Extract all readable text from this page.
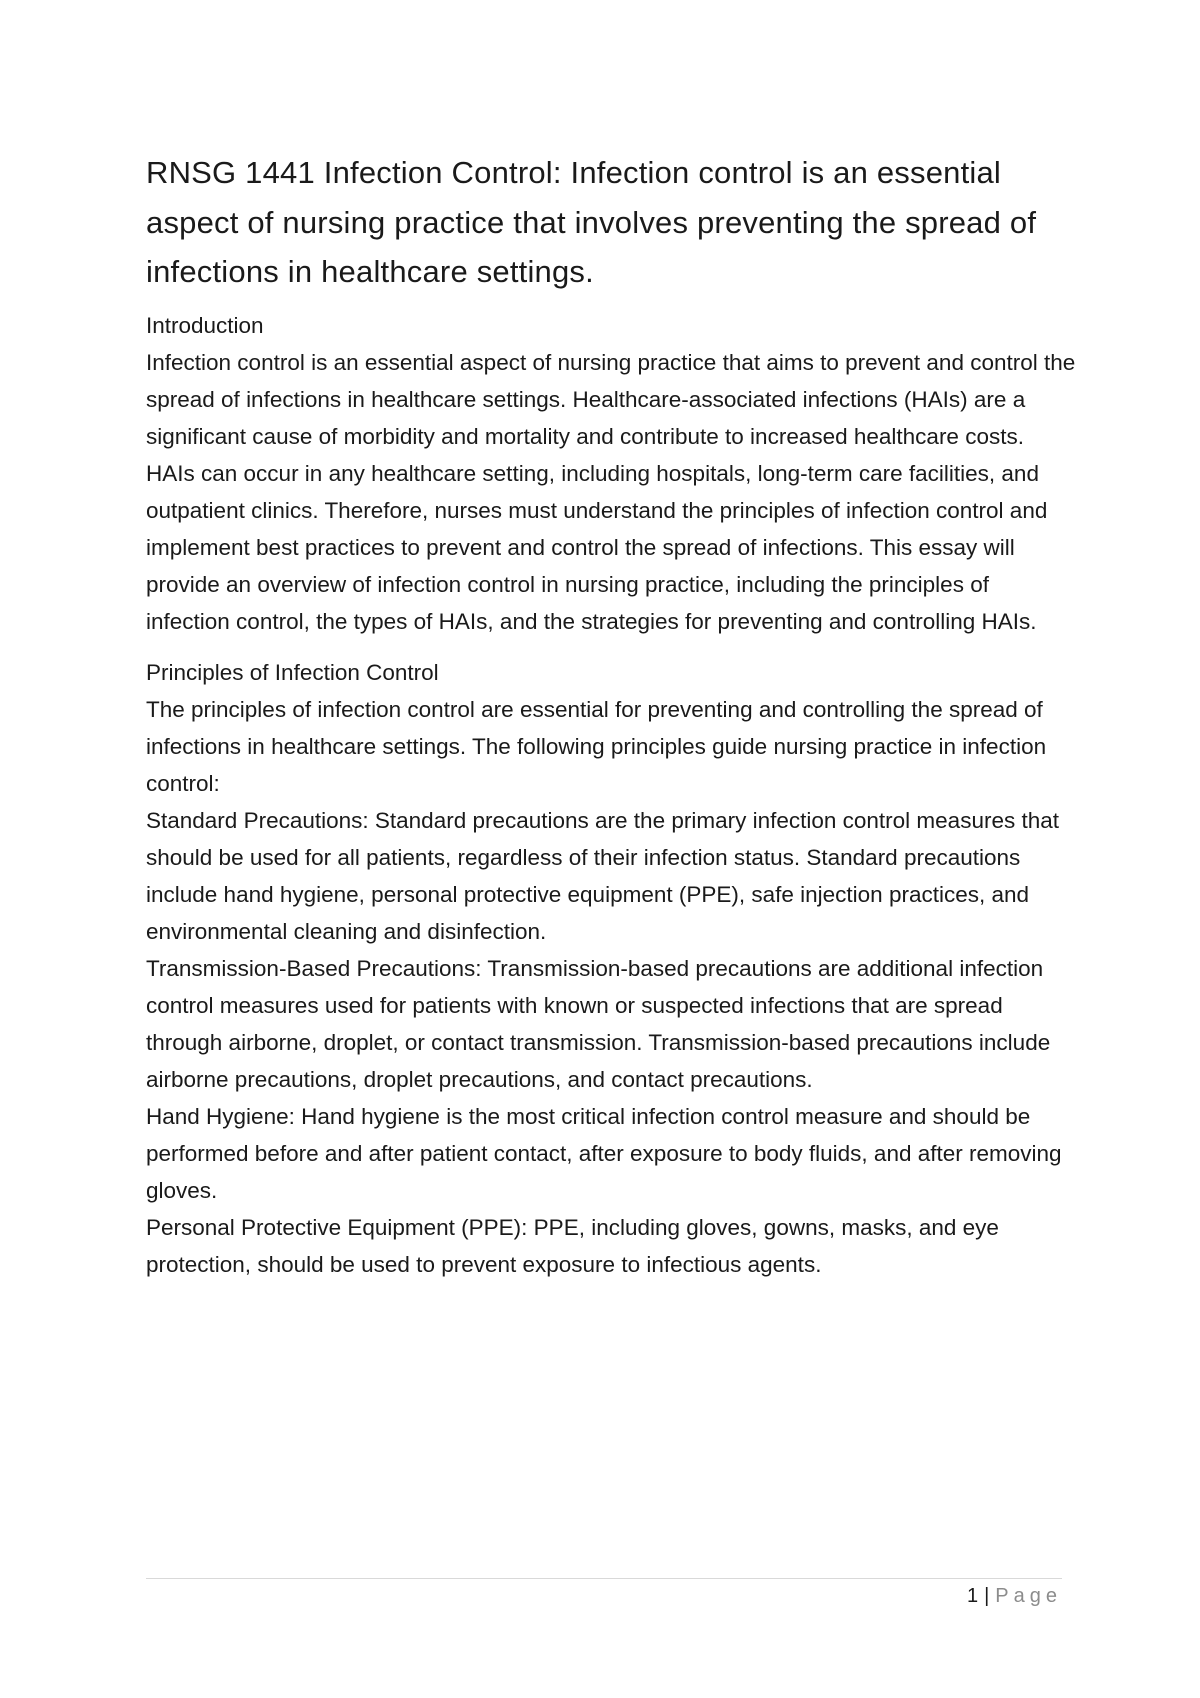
RNSG 1441 Infection Control: Infection control is an essential aspect of nursing practice that involves preventing the spread of infections in healthcare settings.
Introduction

Infection control is an essential aspect of nursing practice that aims to prevent and control the spread of infections in healthcare settings. Healthcare-associated infections (HAIs) are a significant cause of morbidity and mortality and contribute to increased healthcare costs. HAIs can occur in any healthcare setting, including hospitals, long-term care facilities, and outpatient clinics. Therefore, nurses must understand the principles of infection control and implement best practices to prevent and control the spread of infections. This essay will provide an overview of infection control in nursing practice, including the principles of infection control, the types of HAIs, and the strategies for preventing and controlling HAIs.

Principles of Infection Control

The principles of infection control are essential for preventing and controlling the spread of infections in healthcare settings. The following principles guide nursing practice in infection control:

Standard Precautions: Standard precautions are the primary infection control measures that should be used for all patients, regardless of their infection status. Standard precautions include hand hygiene, personal protective equipment (PPE), safe injection practices, and environmental cleaning and disinfection.

Transmission-Based Precautions: Transmission-based precautions are additional infection control measures used for patients with known or suspected infections that are spread through airborne, droplet, or contact transmission. Transmission-based precautions include airborne precautions, droplet precautions, and contact precautions.

Hand Hygiene: Hand hygiene is the most critical infection control measure and should be performed before and after patient contact, after exposure to body fluids, and after removing gloves.

Personal Protective Equipment (PPE): PPE, including gloves, gowns, masks, and eye protection, should be used to prevent exposure to infectious agents.

1 | Page
